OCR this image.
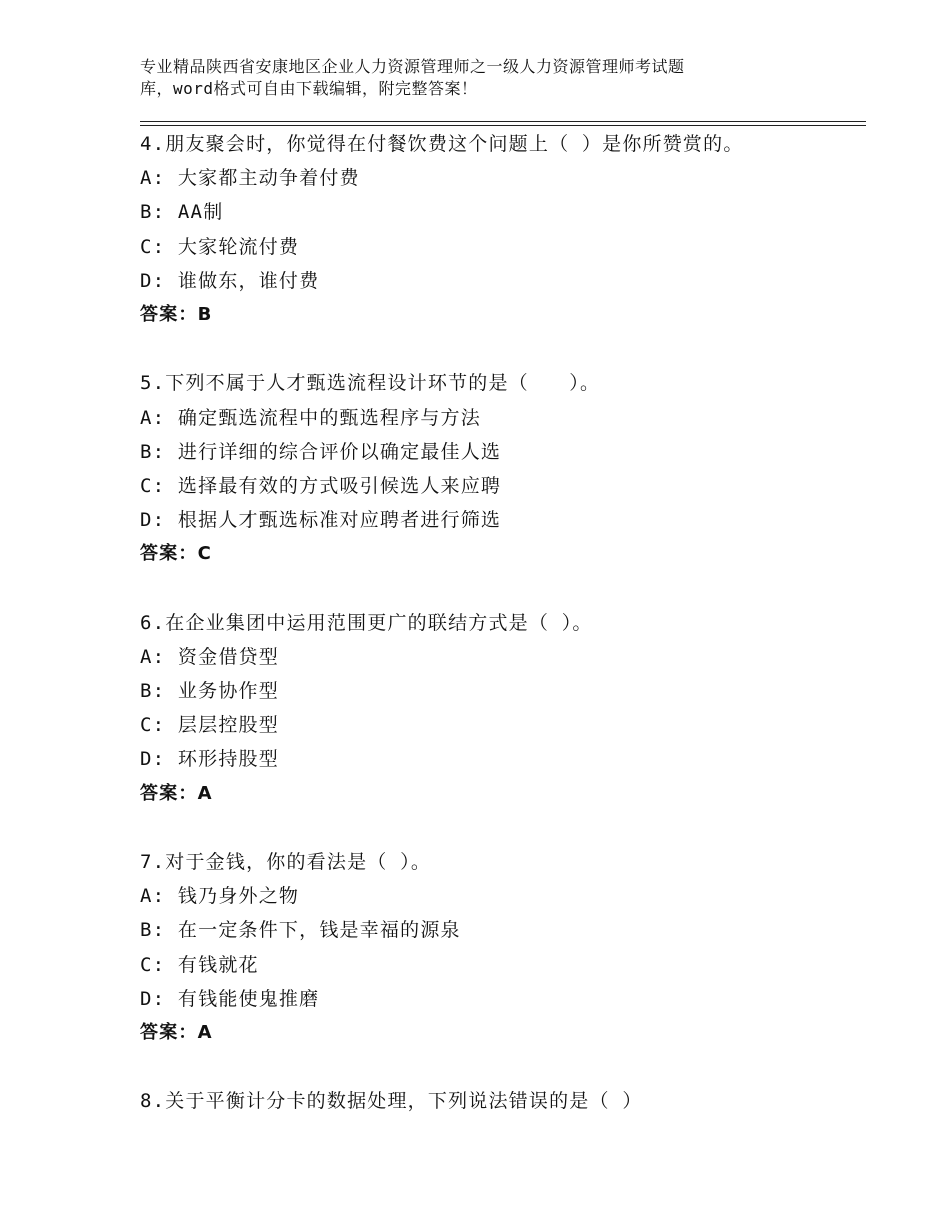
专业精品陕西省安康地区企业人力资源管理师之一级人力资源管理师考试题
库，word格式可自由下载编辑，附完整答案！
4.朋友聚会时，你觉得在付餐饮费这个问题上（ ）是你所赞赏的。
A: 大家都主动争着付费
B: AA制
C: 大家轮流付费
D: 谁做东，谁付费
答案：B
5.下列不属于人才甄选流程设计环节的是（　　）。
A: 确定甄选流程中的甄选程序与方法
B: 进行详细的综合评价以确定最佳人选
C: 选择最有效的方式吸引候选人来应聘
D: 根据人才甄选标准对应聘者进行筛选
答案：C
6.在企业集团中运用范围更广的联结方式是（ ）。
A: 资金借贷型
B: 业务协作型
C: 层层控股型
D: 环形持股型
答案：A
7.对于金钱，你的看法是（ ）。
A: 钱乃身外之物
B: 在一定条件下，钱是幸福的源泉
C: 有钱就花
D: 有钱能使鬼推磨
答案：A
8.关于平衡计分卡的数据处理，下列说法错误的是（ ）
